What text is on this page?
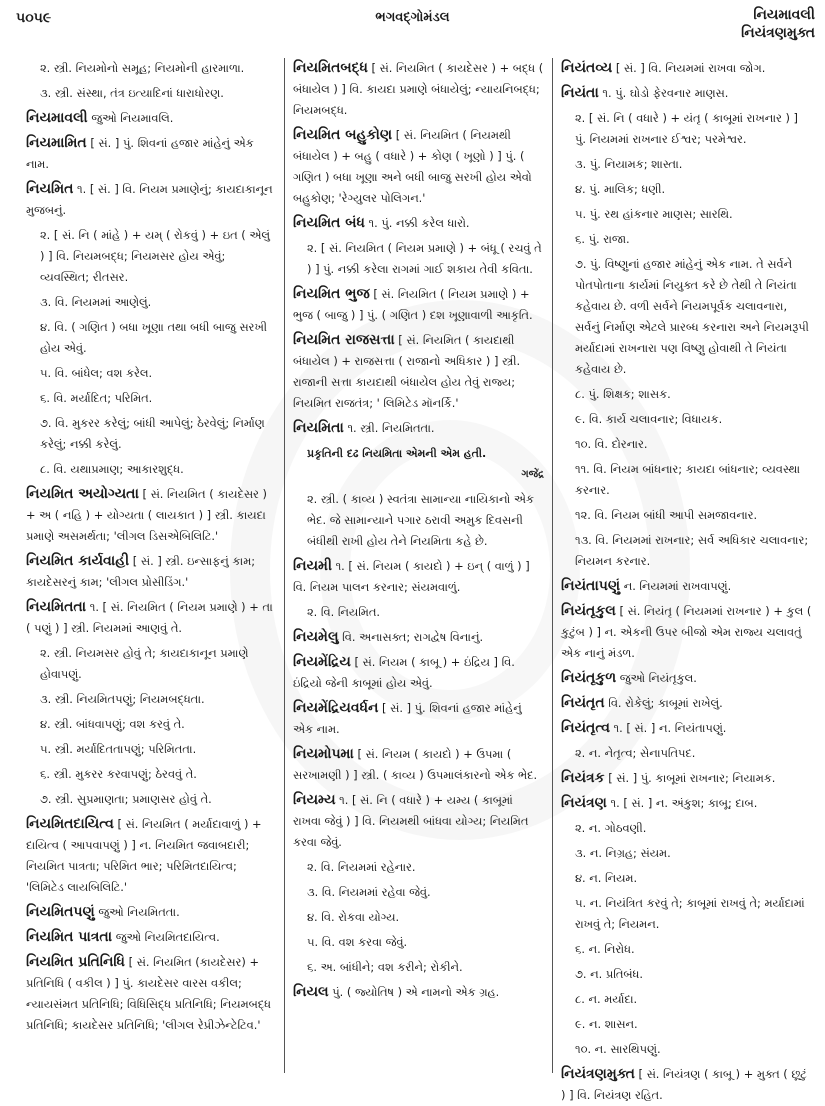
૫૦૫૯	ભગવદ્ગોમંડલ	નિયમાવલી
નિયંત્રણમુક્ત
૨. સ્ત્રી. નિયમોનો સમૂહ; નિયમોની હારમાળા.
૩. સ્ત્રી. સંસ્થા, તંત્ર ઇત્યાદિનાં ધારાધોરણ.
નિયમાવલી જુઓ નિયમાવલિ.
નિયમામિત [ સં. ] પું. શિવનાં હજાર માંહેનું એક નામ.
નિયમિત ૧. [ સં. ] વિ. નિયમ પ્રમાણેનું; કાયદાકાનૂન મુજબનું.
૨. [ સં. નિ ( માંહે ) + યમ્ ( રોકવું ) + ઇત ( એલું ) ] વિ. નિયમબદ્ધ; નિયમસર હોય એવું; વ્યવસ્થિત; રીતસર.
૩. વિ. નિયમમાં આણેલું.
૪. વિ. ( ગણિત ) બધા ખૂણા તથા બધી બાજુ સરખી હોય એવું.
૫. વિ. બાંધેલ; વશ કરેલ.
૬. વિ. મર્યાદિત; પરિમિત.
૭. વિ. મુકરર કરેલું; બાંધી આપેલું; ઠેરવેલું; નિર્માણ કરેલું; નક્કી કરેલું.
૮. વિ. યથાપ્રમાણ; આકારશુદ્ધ.
નિયમિત અયોગ્યતા [ સં. નિયમિત ( કાયદેસર ) + અ ( નહિ ) + યોગ્યતા ( લાયકાત ) ] સ્ત્રી. કાયદા પ્રમાણે અસમર્થતા; 'લીગલ ડિસએબિલિટિ.'
નિયમિત કાર્યવાહી [ સં. ] સ્ત્રી. ઇન્સાફનું કામ; કાયદેસરનું કામ; 'લીગલ પ્રોસીડિંગ.'
નિયમિતતા ૧. [ સં. નિયમિત ( નિયમ પ્રમાણે ) + તા ( પણું ) ] સ્ત્રી. નિયમમાં આણવું તે.
૨. સ્ત્રી. નિયમસર હોવું તે; કાયદાકાનૂન પ્રમાણે હોવાપણું.
૩. સ્ત્રી. નિયમિતપણું; નિયમબદ્ધતા.
૪. સ્ત્રી. બાંધવાપણું; વશ કરવું તે.
૫. સ્ત્રી. મર્યાદિતતાપણું; પરિમિતતા.
૬. સ્ત્રી. મુકરર કરવાપણું; ઠેરવવું તે.
૭. સ્ત્રી. સુપ્રમાણતા; પ્રમાણસર હોવું તે.
નિયમિતદાયિત્વ [ સં. નિયમિત ( મર્યાદાવાળું ) + દાયિત્વ ( આપવાપણું ) ] ન. નિયમિત જવાબદારી; નિયમિત પાત્રતા; પરિમિત ભાર; પરિમિતદાયિત્વ; 'લિમિટેડ લાયબિલિટિ.'
નિયમિતપણું જુઓ નિયમિતતા.
નિયમિત પાત્રતા જુઓ નિયમિતદાયિત્વ.
નિયમિત પ્રતિનિધિ [ સં. નિયમિત (કાયદેસર) + પ્રતિનિધિ ( વકીલ ) ] પું. કાયદેસર વારસ વકીલ; ન્યાયસંમત પ્રતિનિધિ; વિધિસિદ્ધ પ્રતિનિધિ; નિયમબદ્ધ પ્રતિનિધિ; કાયદેસર પ્રતિનિધિ; 'લીગલ રેપ્રીઝેન્ટેટિવ.'
નિયમિતબદ્ધ [ સં. નિયમિત ( કાયદેસર ) + બદ્ધ ( બંધાયેલ ) ] વિ. કાયદા પ્રમાણે બંધાયેલું; ન્યાયનિબદ્ધ; નિયમબદ્ધ.
નિયમિત બહુકોણ [ સં. નિયમિત ( નિયમથી બંધાયેલ ) + બહુ ( વધારે ) + કોણ ( ખૂણો ) ] પું. ( ગણિત ) બધા ખૂણા અને બધી બાજુ સરખી હોય એવો બહુકોણ; 'રેગ્યુલર પોલિગન.'
નિયમિત બંધ ૧. પું. નક્કી કરેલ ધારો.
૨. [ સં. નિયમિત ( નિયમ પ્રમાણે ) + બંધૂ ( રચવું તે ) ] પું. નક્કી કરેલા રાગમાં ગાઈ શકાય તેવી કવિતા.
નિયમિત ભુજ [ સં. નિયમિત ( નિયમ પ્રમાણે ) + ભુજ ( બાજુ ) ] પું. ( ગણિત ) દશ ખૂણાવાળી આકૃતિ.
નિયમિત રાજસત્તા [ સં. નિયમિત ( કાયદાથી બંધાયેલ ) + રાજસત્તા ( રાજાનો અધિકાર ) ] સ્ત્રી. રાજાની સત્તા કાયદાથી બંધાયેલ હોય તેવું રાજ્ય; નિયમિત રાજતંત્ર; ' લિમિટેડ મૉનર્કિ.'
નિયમિતા ૧. સ્ત્રી. નિયમિતતા.
પ્રકૃતિની દઢ નિયમિતા એમની એમ હતી.
ગજેંદ્ર
૨. સ્ત્રી. ( કાવ્ય ) સ્વતંત્રા સામાન્યા નાયિકાનો એક ભેદ. જે સામાન્યાને પગાર ઠરાવી અમુક દિવસની બંધીથી રાખી હોય તેને નિયમિતા કહે છે.
નિયમી ૧. [ સં. નિયમ ( કાયદો ) + ઇન્ ( વાળું ) ] વિ. નિયમ પાલન કરનાર; સંયમવાળું.
૨. વિ. નિયમિત.
નિયમેલુ વિ. અનાસક્ત; રાગદ્વેષ વિનાનું.
નિયમેંદ્રિય [ સં. નિયમ ( કાબૂ ) + ઇંદ્રિય ] વિ. ઇંદ્રિયો જેની કાબૂમાં હોય એવું.
નિયમેંદ્રિયવર્ધન [ સં. ] પું. શિવનાં હજાર માંહેનું એક નામ.
નિયમોપમા [ સં. નિયમ ( કાયદો ) + ઉપમા ( સરખામણી ) ] સ્ત્રી. ( કાવ્ય ) ઉપમાલંકારનો એક ભેદ.
નિયમ્ય ૧. [ સં. નિ ( વધારે ) + યમ્ય ( કાબૂમાં રાખવા જેવું ) ] વિ. નિયમથી બાંધવા યોગ્ય; નિયમિત કરવા જેવું.
૨. વિ. નિયમમાં રહેનાર.
૩. વિ. નિયમમાં રહેવા જેવું.
૪. વિ. રોકવા યોગ્ય.
૫. વિ. વશ કરવા જેવું.
૬. અ. બાંધીને; વશ કરીને; રોકીને.
નિયલ પું. ( જ્યોતિષ ) એ નામનો એક ગ્રહ.
નિયંતવ્ય [ સં. ] વિ. નિયમમાં રાખવા જોગ.
નિયંતા ૧. પું. ઘોડો ફેરવનાર માણસ.
૨. [ સં. નિ ( વધારે ) + યંતૃ ( કાબૂમાં રાખનાર ) ] પું. નિયમમાં રાખનાર ઈશ્વર; પરમેશ્વર.
૩. પું. નિયામક; શાસ્તા.
૪. પું. માલિક; ધણી.
૫. પું. રથ હાંકનાર માણસ; સારથિ.
૬. પું. રાજા.
૭. પું. વિષ્ણુનાં હજાર માંહેનું એક નામ. તે સર્વને પોતપોતાના કાર્યમાં નિયુક્ત કરે છે તેથી તે નિયંતા કહેવાય છે. વળી સર્વને નિયમપૂર્વક ચલાવનારા, સર્વનું નિર્માણ એટલે પ્રારબ્ધ કરનારા અને નિયમરૂપી મર્યાદામાં રાખનારા પણ વિષ્ણુ હોવાથી તે નિયંતા કહેવાય છે.
૮. પું. શિક્ષક; શાસક.
૯. વિ. કાર્ય ચલાવનાર; વિધાયક.
૧૦. વિ. દોરનાર.
૧૧. વિ. નિયમ બાંધનાર; કાયદા બાંધનાર; વ્યવસ્થા કરનાર.
૧૨. વિ. નિયમ બાંધી આપી સમજાવનાર.
૧૩. વિ. નિયમમાં રાખનાર; સર્વ અધિકાર ચલાવનાર; નિયમન કરનાર.
નિયંતાપણું ન. નિયમમાં રાખવાપણું.
નિયંતૃકુલ [ સં. નિયંતૃ ( નિયમમાં રાખનાર ) + કુલ ( કુટુંબ ) ] ન. એકની ઉપર બીજો એમ રાજ્ય ચલાવતું એક નાનું મંડળ.
નિયંતૃકુળ જુઓ નિયંતૃકુલ.
નિયંતૃત વિ. રોકેલું; કાબૂમાં રાખેલું.
નિયંતૃત્વ ૧. [ સં. ] ન. નિયંતાપણું.
૨. ન. નેતૃત્વ; સેનાપતિપદ.
નિયંત્રક [ સં. ] પું. કાબૂમાં રાખનાર; નિયામક.
નિયંત્રણ ૧. [ સં. ] ન. અંકુશ; કાબૂ; દાબ.
૨. ન. ગોઠવણી.
૩. ન. નિગ્રહ; સંયમ.
૪. ન. નિયમ.
૫. ન. નિયંત્રિત કરવું તે; કાબૂમાં રાખવું તે; મર્યાદામાં રાખવું તે; નિયમન.
૬. ન. નિરોધ.
૭. ન. પ્રતિબંધ.
૮. ન. મર્યાદા.
૯. ન. શાસન.
૧૦. ન. સારથિપણું.
નિયંત્રણમુક્ત [ સં. નિયંત્રણ ( કાબૂ ) + મુક્ત ( છૂટું ) ] વિ. નિયંત્રણ રહિત.
